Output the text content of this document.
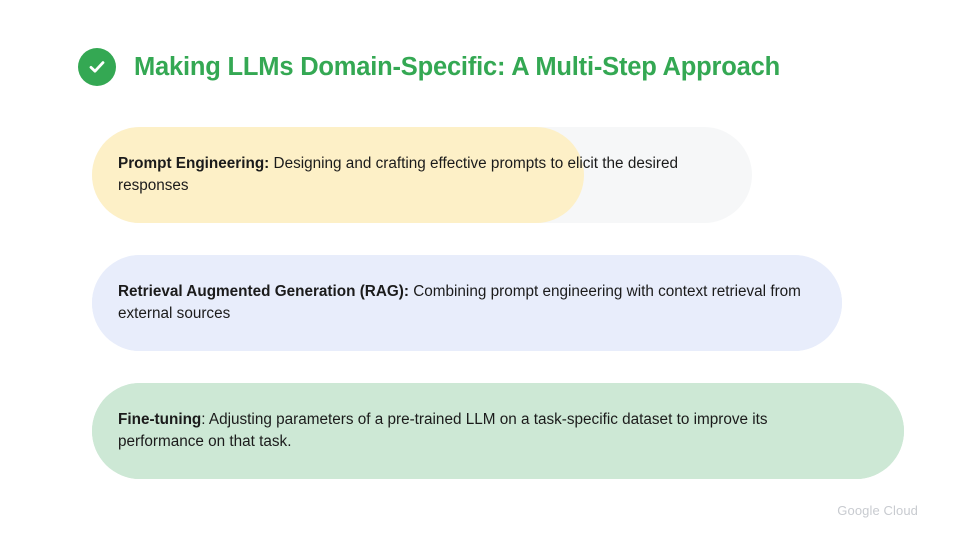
Making LLMs Domain-Specific: A Multi-Step Approach
Prompt Engineering: Designing and crafting effective prompts to elicit the desired responses
Retrieval Augmented Generation (RAG): Combining prompt engineering with context retrieval from external sources
Fine-tuning: Adjusting parameters of a pre-trained LLM on a task-specific dataset to improve its performance on that task.
Google Cloud
